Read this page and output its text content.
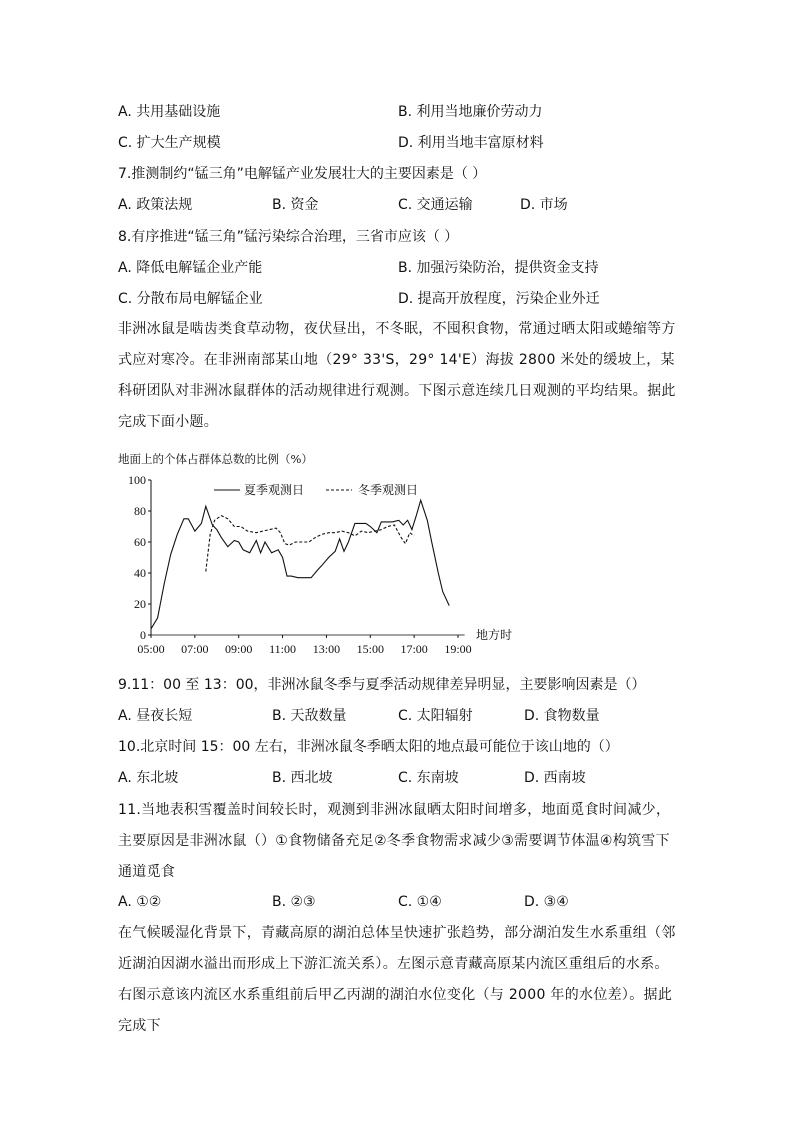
A. 共用基础设施	B. 利用当地廉价劳动力
C. 扩大生产规模	D. 利用当地丰富原材料
7.推测制约“锰三角”电解锰产业发展壮大的主要因素是（ ）
A. 政策法规	B. 资金	C. 交通运输	D. 市场
8.有序推进“锰三角”锰污染综合治理，三省市应该（ ）
A. 降低电解锰企业产能	B. 加强污染防治，提供资金支持
C. 分散布局电解锰企业	D. 提高开放程度，污染企业外迁
非洲冰鼠是啮齿类食草动物，夜伏昼出，不冬眠，不囤积食物，常通过晒太阳或蜷缩等方式应对寒冷。在非洲南部某山地（29° 33'S，29° 14'E）海拔 2800 米处的缓坡上，某科研团队对非洲冰鼠群体的活动规律进行观测。下图示意连续几日观测的平均结果。据此完成下面小题。
地面上的个体占群体总数的比例（%）
0
20
40
60
80
100
05:00 07:00 09:00 11:00 13:00 15:00 17:00 19:00
地方时
夏季观测日	冬季观测日
9.11：00 至 13：00，非洲冰鼠冬季与夏季活动规律差异明显，主要影响因素是（）
A. 昼夜长短	B. 天敌数量	C. 太阳辐射	D. 食物数量
10.北京时间 15：00 左右，非洲冰鼠冬季晒太阳的地点最可能位于该山地的（）
A. 东北坡	B. 西北坡	C. 东南坡	D. 西南坡
11.当地表积雪覆盖时间较长时，观测到非洲冰鼠晒太阳时间增多，地面觅食时间减少，主要原因是非洲冰鼠（）①食物储备充足②冬季食物需求减少③需要调节体温④构筑雪下通道觅食
A. ①②	B. ②③	C. ①④	D. ③④
在气候暖湿化背景下，青藏高原的湖泊总体呈快速扩张趋势，部分湖泊发生水系重组（邻近湖泊因湖水溢出而形成上下游汇流关系）。左图示意青藏高原某内流区重组后的水系。右图示意该内流区水系重组前后甲乙丙湖的湖泊水位变化（与 2000 年的水位差）。据此完成下
